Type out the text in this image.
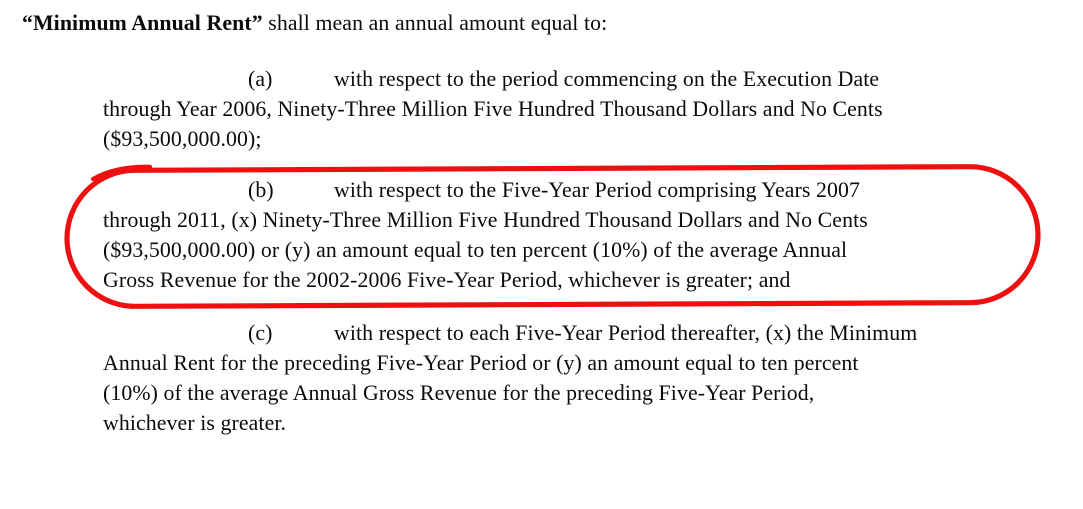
“Minimum Annual Rent” shall mean an annual amount equal to:
(a)	with respect to the period commencing on the Execution Date
through Year 2006, Ninety-Three Million Five Hundred Thousand Dollars and No Cents
($93,500,000.00);
(b)	with respect to the Five-Year Period comprising Years 2007
through 2011, (x) Ninety-Three Million Five Hundred Thousand Dollars and No Cents
($93,500,000.00) or (y) an amount equal to ten percent (10%) of the average Annual
Gross Revenue for the 2002-2006 Five-Year Period, whichever is greater; and
(c)	with respect to each Five-Year Period thereafter, (x) the Minimum
Annual Rent for the preceding Five-Year Period or (y) an amount equal to ten percent
(10%) of the average Annual Gross Revenue for the preceding Five-Year Period,
whichever is greater.
